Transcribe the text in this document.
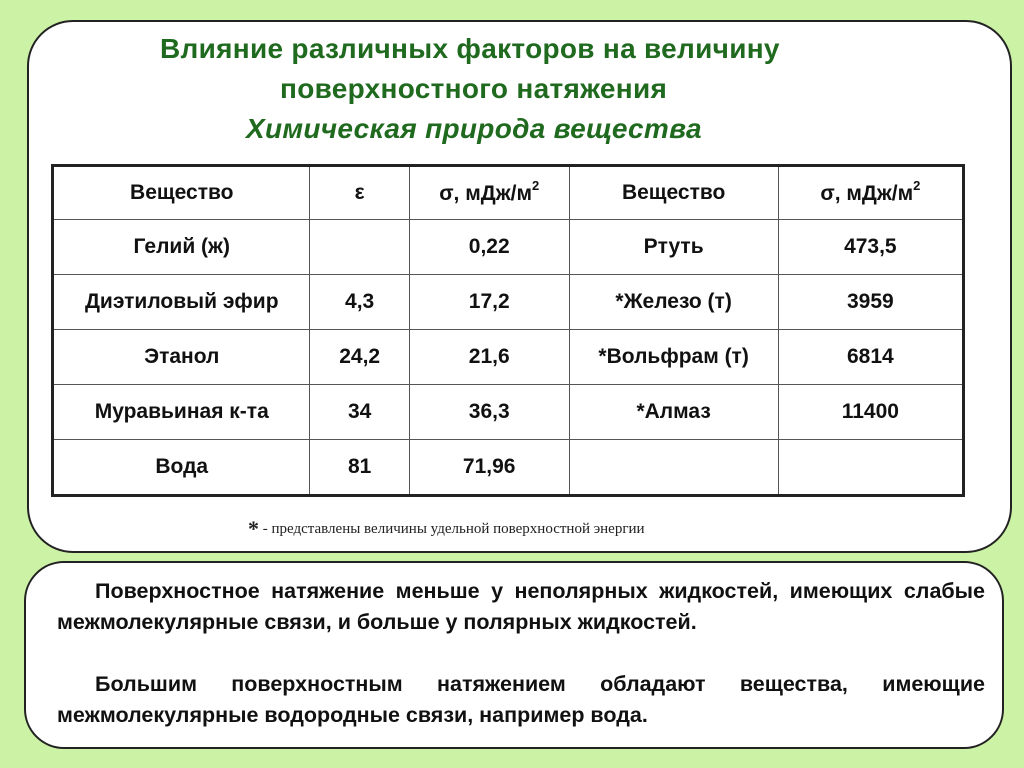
Влияние различных факторов на величину
поверхностного натяжения
Химическая природа вещества
Вещество	ε	σ, мДж/$м^2$	Вещество	σ, мДж/$м^2$
Гелий (ж)		0,22	Ртуть	473,5
Диэтиловый эфир	4,3	17,2	*Железо (т)	3959
Этанол	24,2	21,6	*Вольфрам (т)	6814
Муравьиная к-та	34	36,3	*Алмаз	11400
Вода	81	71,96		
* - представлены величины удельной поверхностной энергии

Поверхностное натяжение меньше у неполярных жидкостей, имеющих слабые межмолекулярные связи, и больше у полярных жидкостей.

Большим поверхностным натяжением обладают вещества, имеющие межмолекулярные водородные связи, например вода.
